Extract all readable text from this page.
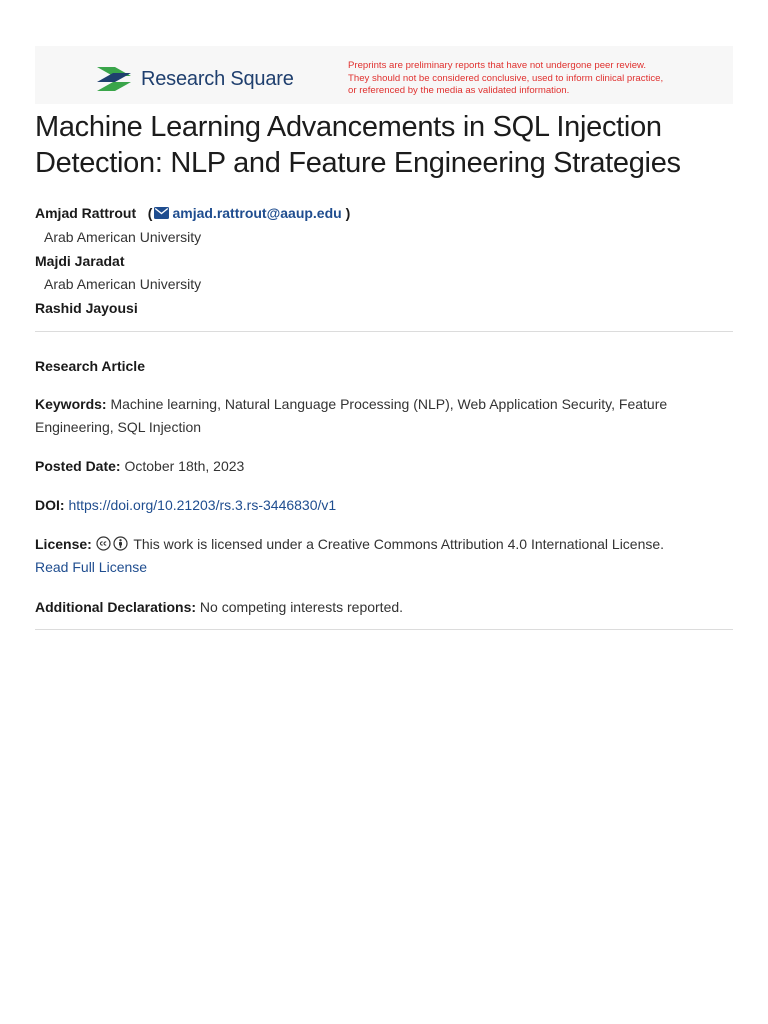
Research Square
Preprints are preliminary reports that have not undergone peer review.
They should not be considered conclusive, used to inform clinical practice,
or referenced by the media as validated information.
Machine Learning Advancements in SQL Injection Detection: NLP and Feature Engineering Strategies
Amjad Rattrout   ( amjad.rattrout@aaup.edu )
Arab American University
Majdi Jaradat
Arab American University
Rashid Jayousi
Research Article
Keywords: Machine learning, Natural Language Processing (NLP), Web Application Security, Feature Engineering, SQL Injection
Posted Date: October 18th, 2023
DOI: https://doi.org/10.21203/rs.3.rs-3446830/v1
License:	This work is licensed under a Creative Commons Attribution 4.0 International License.
Read Full License
Additional Declarations: No competing interests reported.
